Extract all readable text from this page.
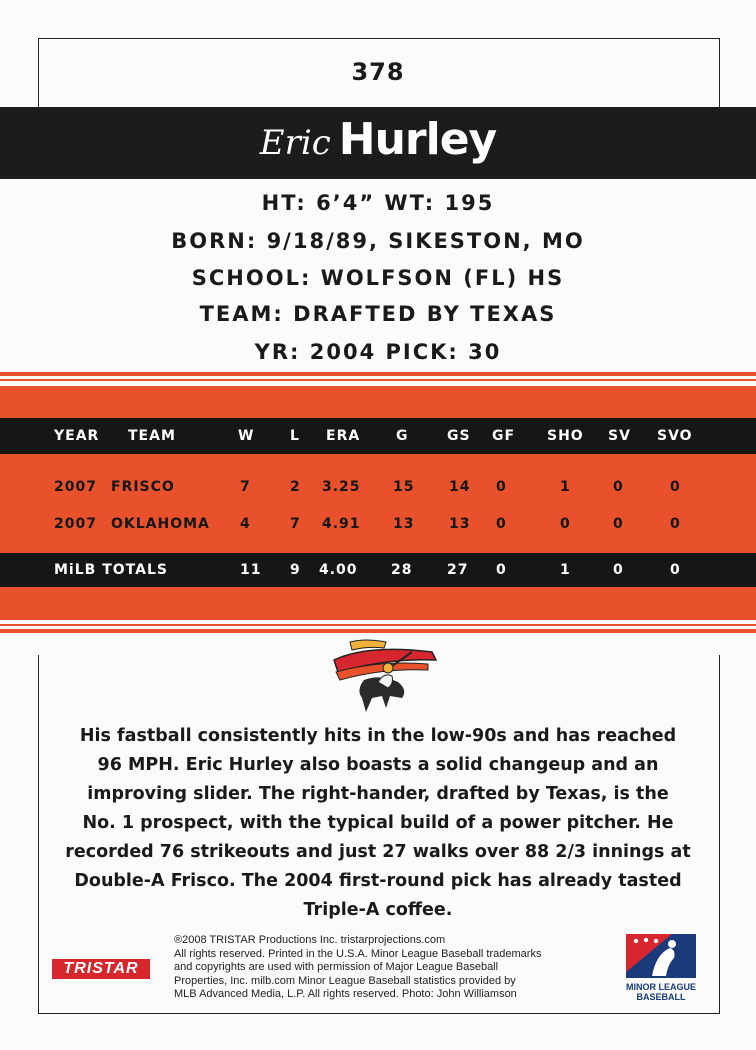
378
Eric Hurley
HT: 6’4” WT: 195
BORN: 9/18/89, SIKESTON, MO
SCHOOL: WOLFSON (FL) HS
TEAM: DRAFTED BY TEXAS
YR: 2004 PICK: 30
YEAR TEAM	W	L ERA	G	GS GF SHO SV SVO
2007 FRISCO	7	2 3.25 15 14 0	1	0	0
2007 OKLAHOMA 4	7 4.91 13 13 0	0	0	0
MiLB TOTALS	11 9 4.00 28 27 0	1	0	0
His fastball consistently hits in the low-90s and has reached
96 MPH. Eric Hurley also boasts a solid changeup and an
improving slider. The right-hander, drafted by Texas, is the
No. 1 prospect, with the typical build of a power pitcher. He
recorded 76 strikeouts and just 27 walks over 88 2/3 innings at
Double-A Frisco. The 2004 first-round pick has already tasted
Triple-A coffee.
TRISTAR
®2008 TRISTAR Productions Inc. tristarprojections.com
All rights reserved. Printed in the U.S.A. Minor League Baseball trademarks
and copyrights are used with permission of Major League Baseball
Properties, Inc. milb.com Minor League Baseball statistics provided by
MLB Advanced Media, L.P. All rights reserved. Photo: John Williamson
MINOR LEAGUE
BASEBALL
